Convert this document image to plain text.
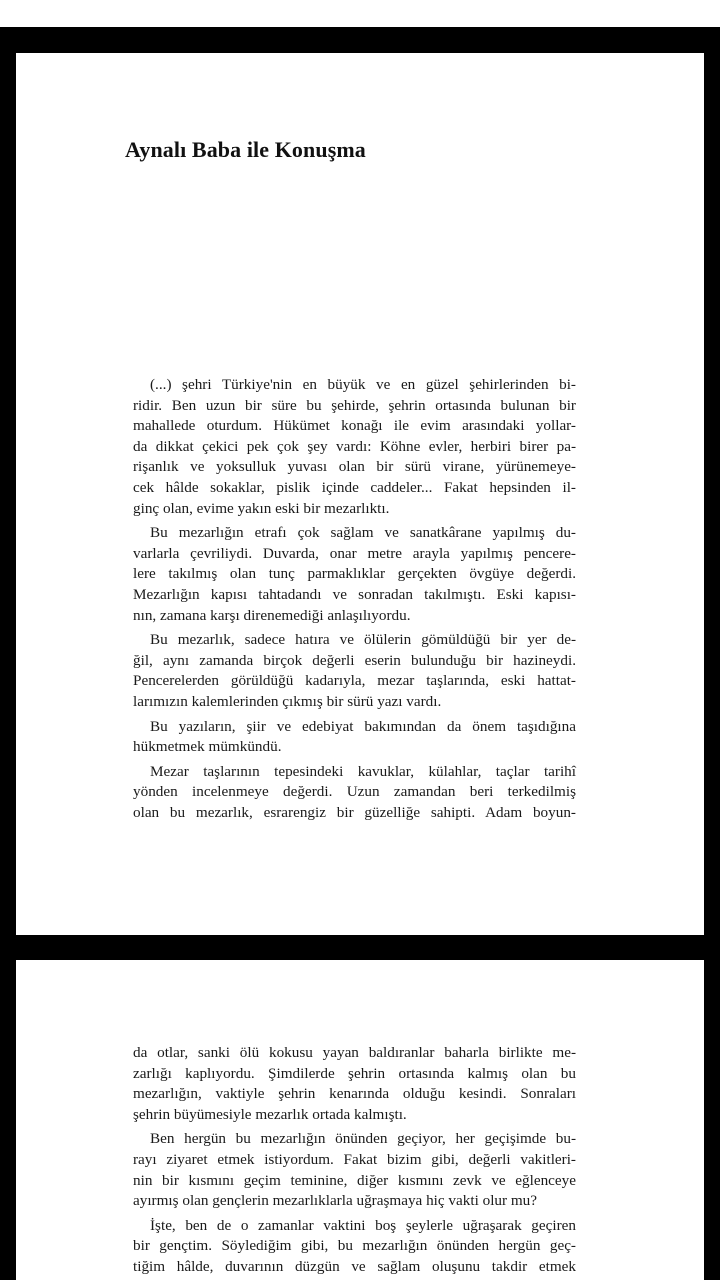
Aynalı Baba ile Konuşma
(...) şehri Türkiye'nin en büyük ve en güzel şehirlerinden bi-
ridir. Ben uzun bir süre bu şehirde, şehrin ortasında bulunan bir
mahallede oturdum. Hükümet konağı ile evim arasındaki yollar-
da dikkat çekici pek çok şey vardı: Köhne evler, herbiri birer pa-
rişanlık ve yoksulluk yuvası olan bir sürü virane, yürünemeye-
cek hâlde sokaklar, pislik içinde caddeler... Fakat hepsinden il-
ginç olan, evime yakın eski bir mezarlıktı.
Bu mezarlığın etrafı çok sağlam ve sanatkârane yapılmış du-
varlarla çevriliydi. Duvarda, onar metre arayla yapılmış pencere-
lere takılmış olan tunç parmaklıklar gerçekten övgüye değerdi.
Mezarlığın kapısı tahtadandı ve sonradan takılmıştı. Eski kapısı-
nın, zamana karşı direnemediği anlaşılıyordu.
Bu mezarlık, sadece hatıra ve ölülerin gömüldüğü bir yer de-
ğil, aynı zamanda birçok değerli eserin bulunduğu bir hazineydi.
Pencerelerden görüldüğü kadarıyla, mezar taşlarında, eski hattat-
larımızın kalemlerinden çıkmış bir sürü yazı vardı.
Bu yazıların, şiir ve edebiyat bakımından da önem taşıdığına
hükmetmek mümkündü.
Mezar taşlarının tepesindeki kavuklar, külahlar, taçlar tarihî
yönden incelenmeye değerdi. Uzun zamandan beri terkedilmiş
olan bu mezarlık, esrarengiz bir güzelliğe sahipti. Adam boyun-
da otlar, sanki ölü kokusu yayan baldıranlar baharla birlikte me-
zarlığı kaplıyordu. Şimdilerde şehrin ortasında kalmış olan bu
mezarlığın, vaktiyle şehrin kenarında olduğu kesindi. Sonraları
şehrin büyümesiyle mezarlık ortada kalmıştı.
Ben hergün bu mezarlığın önünden geçiyor, her geçişimde bu-
rayı ziyaret etmek istiyordum. Fakat bizim gibi, değerli vakitleri-
nin bir kısmını geçim teminine, diğer kısmını zevk ve eğlenceye
ayırmış olan gençlerin mezarlıklarla uğraşmaya hiç vakti olur mu?
İşte, ben de o zamanlar vaktini boş şeylerle uğraşarak geçiren
bir gençtim. Söylediğim gibi, bu mezarlığın önünden hergün geç-
tiğim hâlde, duvarının düzgün ve sağlam oluşunu takdir etmek
